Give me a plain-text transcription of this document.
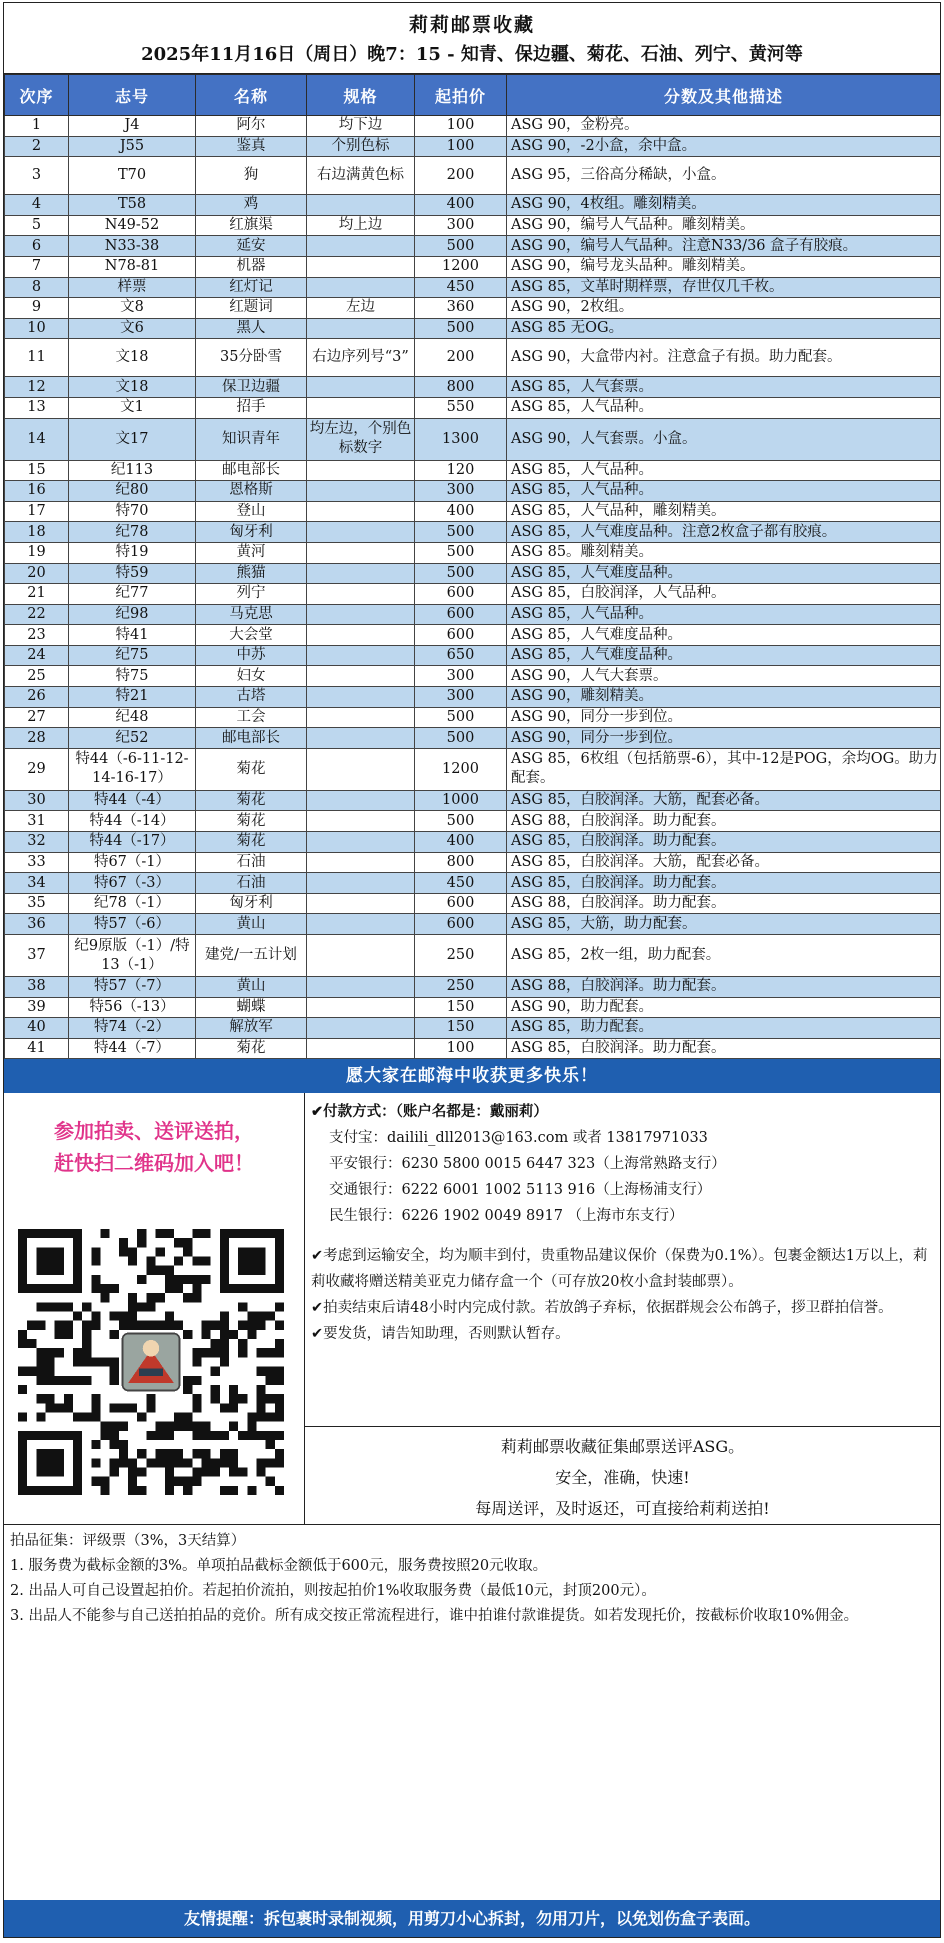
莉莉邮票收藏
2025年11月16日（周日）晚7：15 - 知青、保边疆、菊花、石油、列宁、黄河等
次序	志号	名称	规格	起拍价	分数及其他描述
1	J4	阿尔	均下边	100	ASG 90，金粉亮。
2	J55	鉴真	个别色标	100	ASG 90，-2小盒，余中盒。
3	T70	狗	右边满黄色标	200	ASG 95，三俗高分稀缺，小盒。
4	T58	鸡		400	ASG 90，4枚组。雕刻精美。
5	N49-52	红旗渠	均上边	300	ASG 90，编号人气品种。雕刻精美。
6	N33-38	延安		500	ASG 90，编号人气品种。注意N33/36 盒子有胶痕。
7	N78-81	机器		1200	ASG 90，编号龙头品种。雕刻精美。
8	样票	红灯记		450	ASG 85，文革时期样票，存世仅几千枚。
9	文8	红题词	左边	360	ASG 90，2枚组。
10	文6	黑人		500	ASG 85 无OG。
11	文18	35分卧雪	右边序列号“3”	200	ASG 90，大盒带内衬。注意盒子有损。助力配套。
12	文18	保卫边疆		800	ASG 85，人气套票。
13	文1	招手		550	ASG 85，人气品种。
14	文17	知识青年	均左边，个别色标数字	1300	ASG 90，人气套票。小盒。
15	纪113	邮电部长		120	ASG 85，人气品种。
16	纪80	恩格斯		300	ASG 85，人气品种。
17	特70	登山		400	ASG 85，人气品种，雕刻精美。
18	纪78	匈牙利		500	ASG 85，人气难度品种。注意2枚盒子都有胶痕。
19	特19	黄河		500	ASG 85。雕刻精美。
20	特59	熊猫		500	ASG 85，人气难度品种。
21	纪77	列宁		600	ASG 85，白胶润泽，人气品种。
22	纪98	马克思		600	ASG 85，人气品种。
23	特41	大会堂		600	ASG 85，人气难度品种。
24	纪75	中苏		650	ASG 85，人气难度品种。
25	特75	妇女		300	ASG 90，人气大套票。
26	特21	古塔		300	ASG 90，雕刻精美。
27	纪48	工会		500	ASG 90，同分一步到位。
28	纪52	邮电部长		500	ASG 90，同分一步到位。
29	特44（-6-11-12-14-16-17）	菊花		1200	ASG 85，6枚组（包括筋票-6），其中-12是POG，余均OG。助力配套。
30	特44（-4）	菊花		1000	ASG 85，白胶润泽。大筋，配套必备。
31	特44（-14）	菊花		500	ASG 88，白胶润泽。助力配套。
32	特44（-17）	菊花		400	ASG 85，白胶润泽。助力配套。
33	特67（-1）	石油		800	ASG 85，白胶润泽。大筋，配套必备。
34	特67（-3）	石油		450	ASG 85，白胶润泽。助力配套。
35	纪78（-1）	匈牙利		600	ASG 88，白胶润泽。助力配套。
36	特57（-6）	黄山		600	ASG 85，大筋，助力配套。
37	纪9原版（-1）/特13（-1）	建党/一五计划		250	ASG 85，2枚一组，助力配套。
38	特57（-7）	黄山		250	ASG 88，白胶润泽。助力配套。
39	特56（-13）	蝴蝶		150	ASG 90，助力配套。
40	特74（-2）	解放军		150	ASG 85，助力配套。
41	特44（-7）	菊花		100	ASG 85，白胶润泽。助力配套。
愿大家在邮海中收获更多快乐！
参加拍卖、送评送拍，
赶快扫二维码加入吧！
✔付款方式：（账户名都是：戴丽莉）
支付宝：dailili_dll2013@163.com 或者 13817971033
平安银行：6230 5800 0015 6447 323（上海常熟路支行）
交通银行：6222 6001 1002 5113 916（上海杨浦支行）
民生银行：6226 1902 0049 8917 （上海市东支行）
✔考虑到运输安全，均为顺丰到付，贵重物品建议保价（保费为0.1%）。包裹金额达1万以上，莉莉收藏将赠送精美亚克力储存盒一个（可存放20枚小盒封装邮票）。
✔拍卖结束后请48小时内完成付款。若放鸽子弃标，依据群规会公布鸽子，拶卫群拍信誉。
✔要发货，请告知助理，否则默认暂存。
莉莉邮票收藏征集邮票送评ASG。
安全，准确，快速!
每周送评，及时返还，可直接给莉莉送拍!
拍品征集：评级票（3%，3天结算）
1. 服务费为截标金额的3%。单项拍品截标金额低于600元，服务费按照20元收取。
2. 出品人可自己设置起拍价。若起拍价流拍，则按起拍价1%收取服务费（最低10元，封顶200元）。
3. 出品人不能参与自己送拍拍品的竞价。所有成交按正常流程进行，谁中拍谁付款谁提货。如若发现托价，按截标价收取10%佣金。
友情提醒：拆包裹时录制视频，用剪刀小心拆封，勿用刀片，以免划伤盒子表面。
